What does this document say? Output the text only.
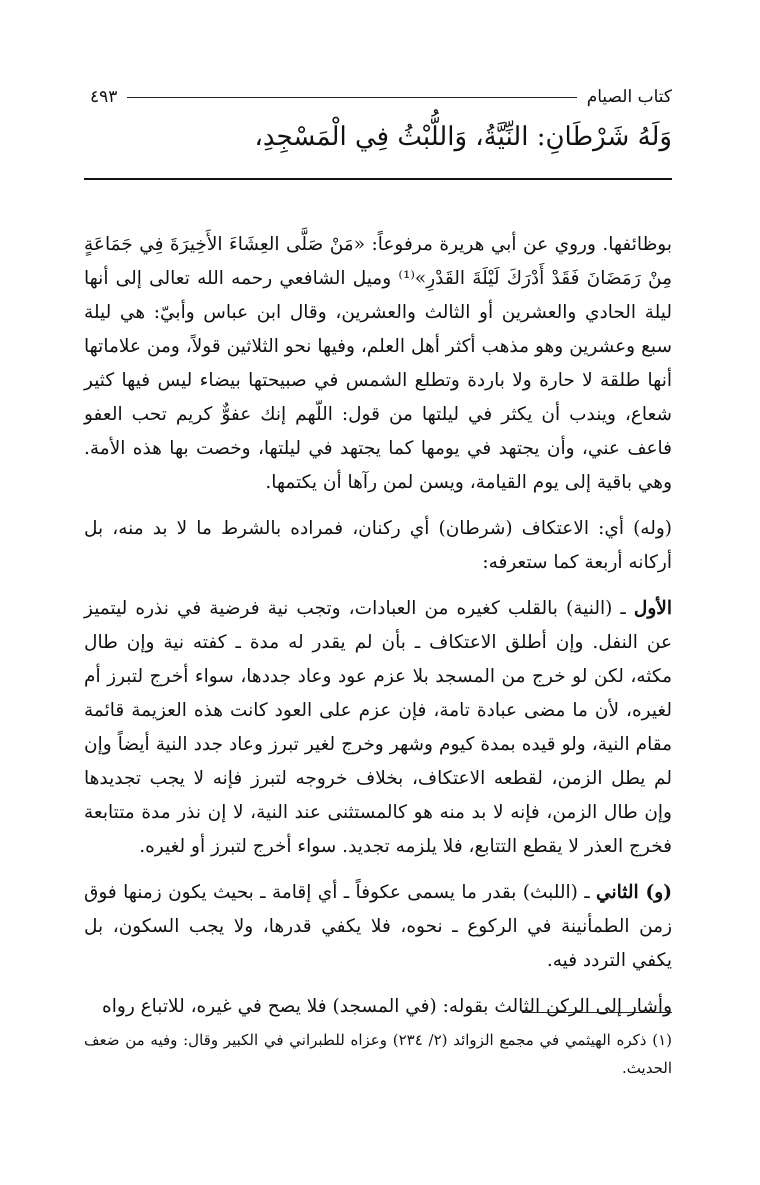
كتاب الصيام
٤٩٣
وَلَهُ شَرْطَانِ: النِّيَّةُ، وَاللُّبْثُ فِي الْمَسْجِدِ،

بوظائفها. وروي عن أبي هريرة مرفوعاً: «مَنْ صَلَّى العِشَاءَ الأَخِيرَةَ فِي جَمَاعَةٍ مِنْ رَمَضَانَ فَقَدْ أَدْرَكَ لَيْلَةَ القَدْرِ»⁽¹⁾ وميل الشافعي رحمه الله تعالى إلى أنها ليلة الحادي والعشرين أو الثالث والعشرين، وقال ابن عباس وأبيّ: هي ليلة سبع وعشرين وهو مذهب أكثر أهل العلم، وفيها نحو الثلاثين قولاً، ومن علاماتها أنها طلقة لا حارة ولا باردة وتطلع الشمس في صبيحتها بيضاء ليس فيها كثير شعاع، ويندب أن يكثر في ليلتها من قول: اللّهم إنك عفوٌّ كريم تحب العفو فاعف عني، وأن يجتهد في يومها كما يجتهد في ليلتها، وخصت بها هذه الأمة. وهي باقية إلى يوم القيامة، ويسن لمن رآها أن يكتمها.

(وله) أي: الاعتكاف (شرطان) أي ركنان، فمراده بالشرط ما لا بد منه، بل أركانه أربعة كما ستعرفه:

الأول ـ (النية) بالقلب كغيره من العبادات، وتجب نية فرضية في نذره ليتميز عن النفل. وإن أطلق الاعتكاف ـ بأن لم يقدر له مدة ـ كفته نية وإن طال مكثه، لكن لو خرج من المسجد بلا عزم عود وعاد جددها، سواء أخرج لتبرز أم لغيره، لأن ما مضى عبادة تامة، فإن عزم على العود كانت هذه العزيمة قائمة مقام النية، ولو قيده بمدة كيوم وشهر وخرج لغير تبرز وعاد جدد النية أيضاً وإن لم يطل الزمن، لقطعه الاعتكاف، بخلاف خروجه لتبرز فإنه لا يجب تجديدها وإن طال الزمن، فإنه لا بد منه هو كالمستثنى عند النية، لا إن نذر مدة متتابعة فخرج العذر لا يقطع التتابع، فلا يلزمه تجديد. سواء أخرج لتبرز أو لغيره.

(و) الثاني ـ (اللبث) بقدر ما يسمى عكوفاً ـ أي إقامة ـ بحيث يكون زمنها فوق زمن الطمأنينة في الركوع ـ نحوه، فلا يكفي قدرها، ولا يجب السكون، بل يكفي التردد فيه.

وأشار إلى الركن الثالث بقوله: (في المسجد) فلا يصح في غيره، للاتباع رواه

(١) ذكره الهيثمي في مجمع الزوائد (٢/ ٢٣٤) وعزاه للطبراني في الكبير وقال: وفيه من ضعف الحديث.
